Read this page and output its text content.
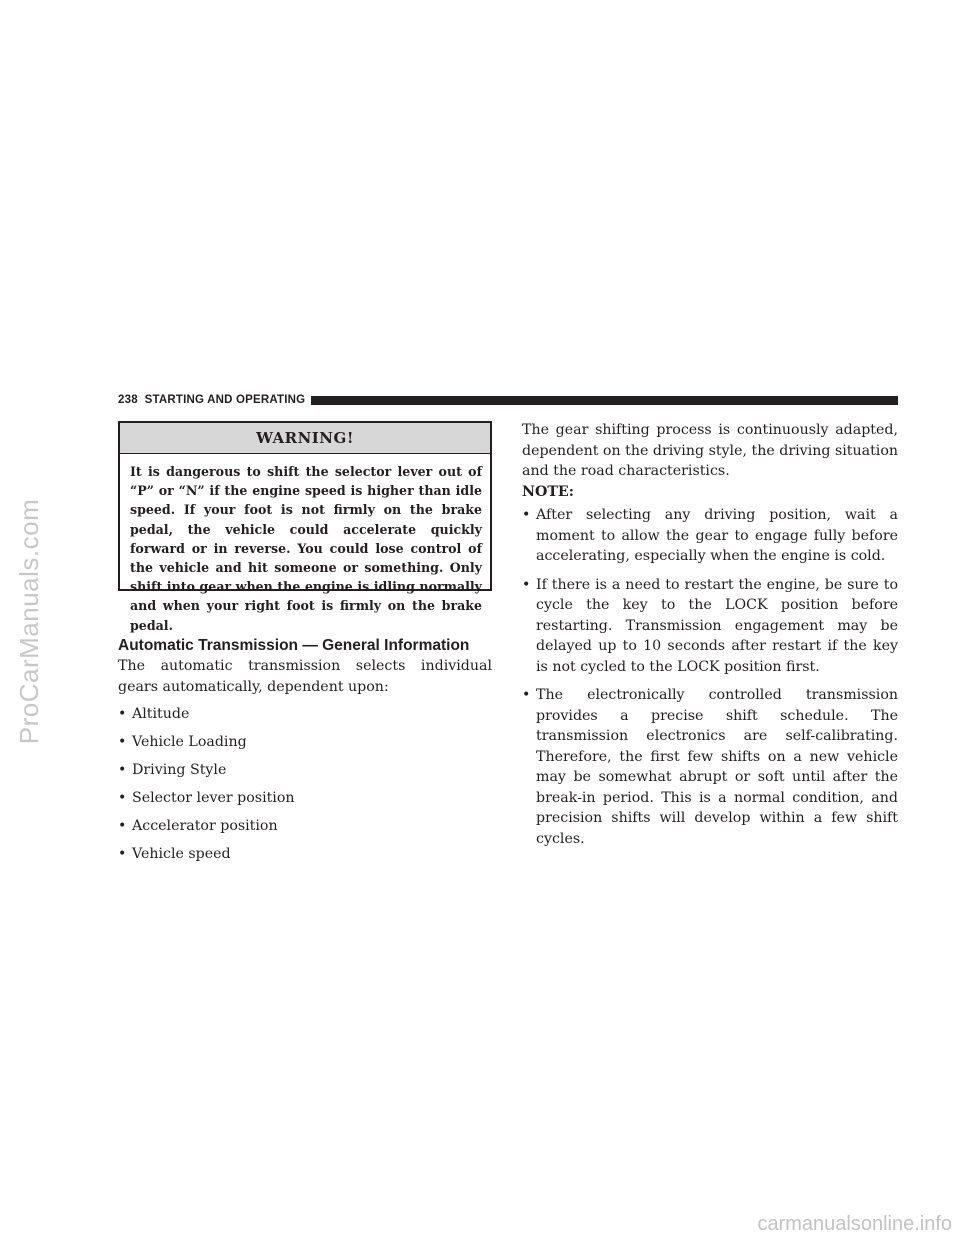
ProCarManuals.com
238 STARTING AND OPERATING
WARNING!
It is dangerous to shift the selector lever out of “P” or “N” if the engine speed is higher than idle speed. If your foot is not firmly on the brake pedal, the vehicle could accelerate quickly forward or in reverse. You could lose control of the vehicle and hit someone or something. Only shift into gear when the engine is idling normally and when your right foot is firmly on the brake pedal.
Automatic Transmission — General Information
The automatic transmission selects individual gears automatically, dependent upon:
• Altitude
• Vehicle Loading
• Driving Style
• Selector lever position
• Accelerator position
• Vehicle speed
The gear shifting process is continuously adapted, dependent on the driving style, the driving situation and the road characteristics.
NOTE:
• After selecting any driving position, wait a moment to allow the gear to engage fully before accelerating, especially when the engine is cold.
• If there is a need to restart the engine, be sure to cycle the key to the LOCK position before restarting. Transmission engagement may be delayed up to 10 seconds after restart if the key is not cycled to the LOCK position first.
• The electronically controlled transmission provides a precise shift schedule. The transmission electronics are self-calibrating. Therefore, the first few shifts on a new vehicle may be somewhat abrupt or soft until after the break-in period. This is a normal condition, and precision shifts will develop within a few shift cycles.
carmanualsonline.info
